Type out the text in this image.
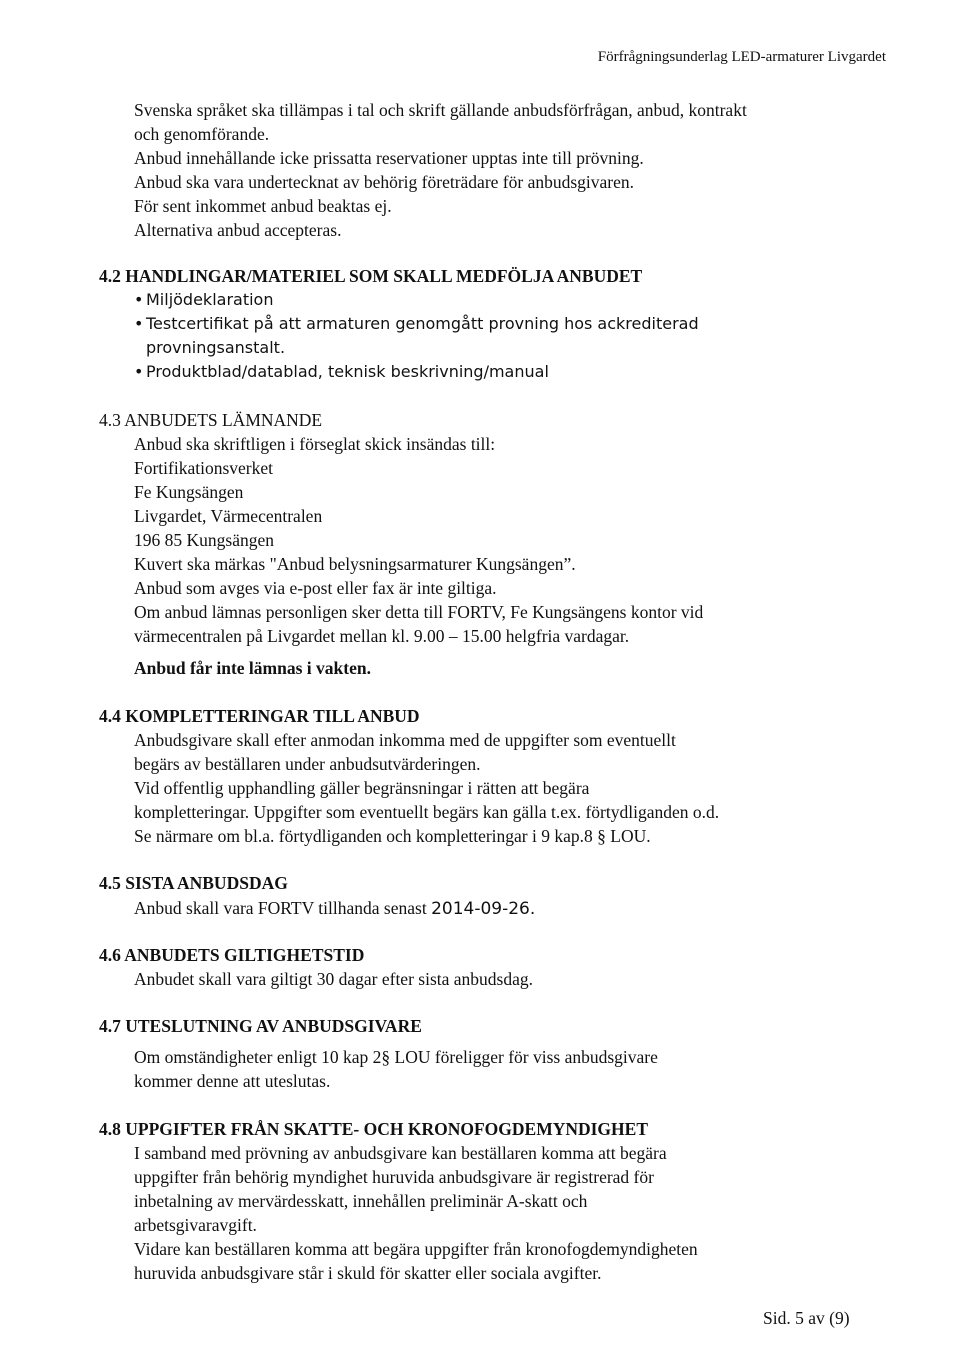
Förfrågningsunderlag LED-armaturer Livgardet
Svenska språket ska tillämpas i tal och skrift gällande anbudsförfrågan, anbud, kontrakt
och genomförande.
Anbud innehållande icke prissatta reservationer upptas inte till prövning.
Anbud ska vara undertecknat av behörig företrädare för anbudsgivaren.
För sent inkommet anbud beaktas ej.
Alternativa anbud accepteras.
4.2 HANDLINGAR/MATERIEL SOM SKALL MEDFÖLJA ANBUDET
• Miljödeklaration
• Testcertifikat på att armaturen genomgått provning hos ackrediterad
provningsanstalt.
• Produktblad/datablad, teknisk beskrivning/manual
4.3 ANBUDETS LÄMNANDE
Anbud ska skriftligen i förseglat skick insändas till:
Fortifikationsverket
Fe Kungsängen
Livgardet, Värmecentralen
196 85 Kungsängen
Kuvert ska märkas "Anbud belysningsarmaturer Kungsängen”.
Anbud som avges via e-post eller fax är inte giltiga.
Om anbud lämnas personligen sker detta till FORTV, Fe Kungsängens kontor vid
värmecentralen på Livgardet mellan kl. 9.00 – 15.00 helgfria vardagar.
Anbud får inte lämnas i vakten.
4.4 KOMPLETTERINGAR TILL ANBUD
Anbudsgivare skall efter anmodan inkomma med de uppgifter som eventuellt
begärs av beställaren under anbudsutvärderingen.
Vid offentlig upphandling gäller begränsningar i rätten att begära
kompletteringar. Uppgifter som eventuellt begärs kan gälla t.ex. förtydliganden o.d.
Se närmare om bl.a. förtydliganden och kompletteringar i 9 kap.8 § LOU.
4.5 SISTA ANBUDSDAG
Anbud skall vara FORTV tillhanda senast 2014-09-26.
4.6 ANBUDETS GILTIGHETSTID
Anbudet skall vara giltigt 30 dagar efter sista anbudsdag.
4.7 UTESLUTNING AV ANBUDSGIVARE
Om omständigheter enligt 10 kap 2§ LOU föreligger för viss anbudsgivare
kommer denne att uteslutas.
4.8 UPPGIFTER FRÅN SKATTE- OCH KRONOFOGDEMYNDIGHET
I samband med prövning av anbudsgivare kan beställaren komma att begära
uppgifter från behörig myndighet huruvida anbudsgivare är registrerad för
inbetalning av mervärdesskatt, innehållen preliminär A-skatt och
arbetsgivaravgift.
Vidare kan beställaren komma att begära uppgifter från kronofogdemyndigheten
huruvida anbudsgivare står i skuld för skatter eller sociala avgifter.
Sid. 5 av (9)
